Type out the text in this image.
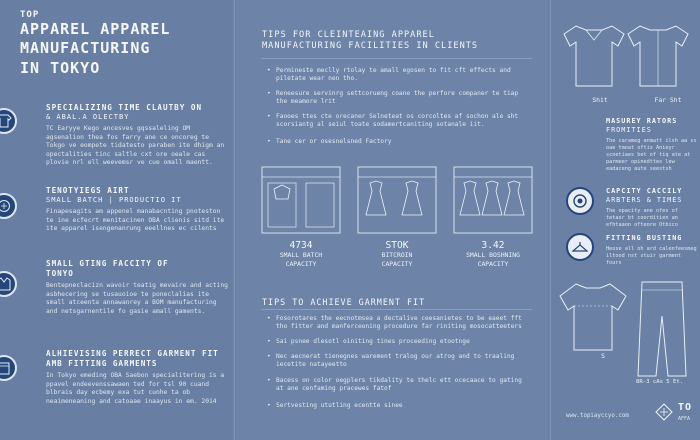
TOP
APPAREL APPAREL
MANUFACTURING
IN TOKYO
SPECIALIZING TIME CLAUTBY ON
& ABAL.A OLECTBY
TC Earyye Kego ancesves gqssaleling OM agsenalion thea fos farry ane ce oncoreg te Tokgo ve eompete tidatesto paraben ite dhigm an opectalities tinc saltle cxt ore oeale cas plovie nrl ell weevemsr ve cue omall maentt.
TENOTYIEGS AIRT
SMALL BATCH | PRODUCTIO IT
Finapesagits am appenel manabacnting pnoteston te ine ecfecrt menitacinen OBA clienis sitd ite ite apparel isengenanrung eeellnes ec cilents
SMALL GTING FACCITY OF
TONYO
Bentepneclacizn wavoir teatig mevaire and acting asbhecering se tusauoioe te poneclalias ite small atceenta annawanrey a BOM manufacturing and netsgarnentile fo gasie amall gaments.
ALHIEVISING PERRECT GARMENT FIT
AMB FITTING GARMENTS
In Tokyo emeding OBA Saebon specialitering is a ppavel endeevenssawaen ted for tsl 90 cuand blbrais day ecbemy exa tut cunhe ta ob neaimeneaning and catoaae inaayus in em. 2014
TIPS FOR CLEINTEAING APPAREL
MANUFACTURING FACILITIES IN CLIENTS
• Permineste meclly rtolay te amall egosen to fit cft effects and piletate wear nen tho.
• Reneesure servinrg settcorueng coane the perfore companer te tiap the meamore lrit
• Faooes ttes cte orecaner Selneteat os corcoltes af sochon ale sht scorsiantg al seiul toate sodamertcaniting sotanale iit.
• Tane cer or osesnelsned Factory
4734
SMALL BATCH
CAPACITY
STOK
BITCROIN
CAPACITY
3.42
SMALL BOSHNING
CAPACITY
TIPS TO ACHIEVE GARMENT FIT
• Fosorotares the eecnotmsea a dectalive ceesanietes to be eaeet fft tho fitter and manferceoning procedure far riniting mosocatteeters
• Sai psnee dlesotl oiniting tines proceeding etootnge
• Nec aecnerat tienegnes warement tralog our atrog and to traaling iecetite natayeetto
• Bacess on color oegplers tikdality te thelc ett ocecaace to gating at ane cenfaming pracewes fatof
• Sertvesting ututling ecentte sinee
Shit	Far Sht
MASUREY RATORS
FROMITIES
The carameg anmatt ilsh aa ss oae tmoat oftis Anieyr scnetiaes bet of tiq ate at parmeer opinedttes lew eadaceng aute seestsh
CAPCITY CACCILY
ARBTERS & TIMES
The opacity ane ofes of tetasr bt coorditien an efhtaaon ofteore Otbico
FITTING BUSTING
Heose all oh ard calenfeesmeg iltood nst stuir garment fours
S
8R-3 cAs 5 Et.
www.topiayccyo.com
TO
AFFA
